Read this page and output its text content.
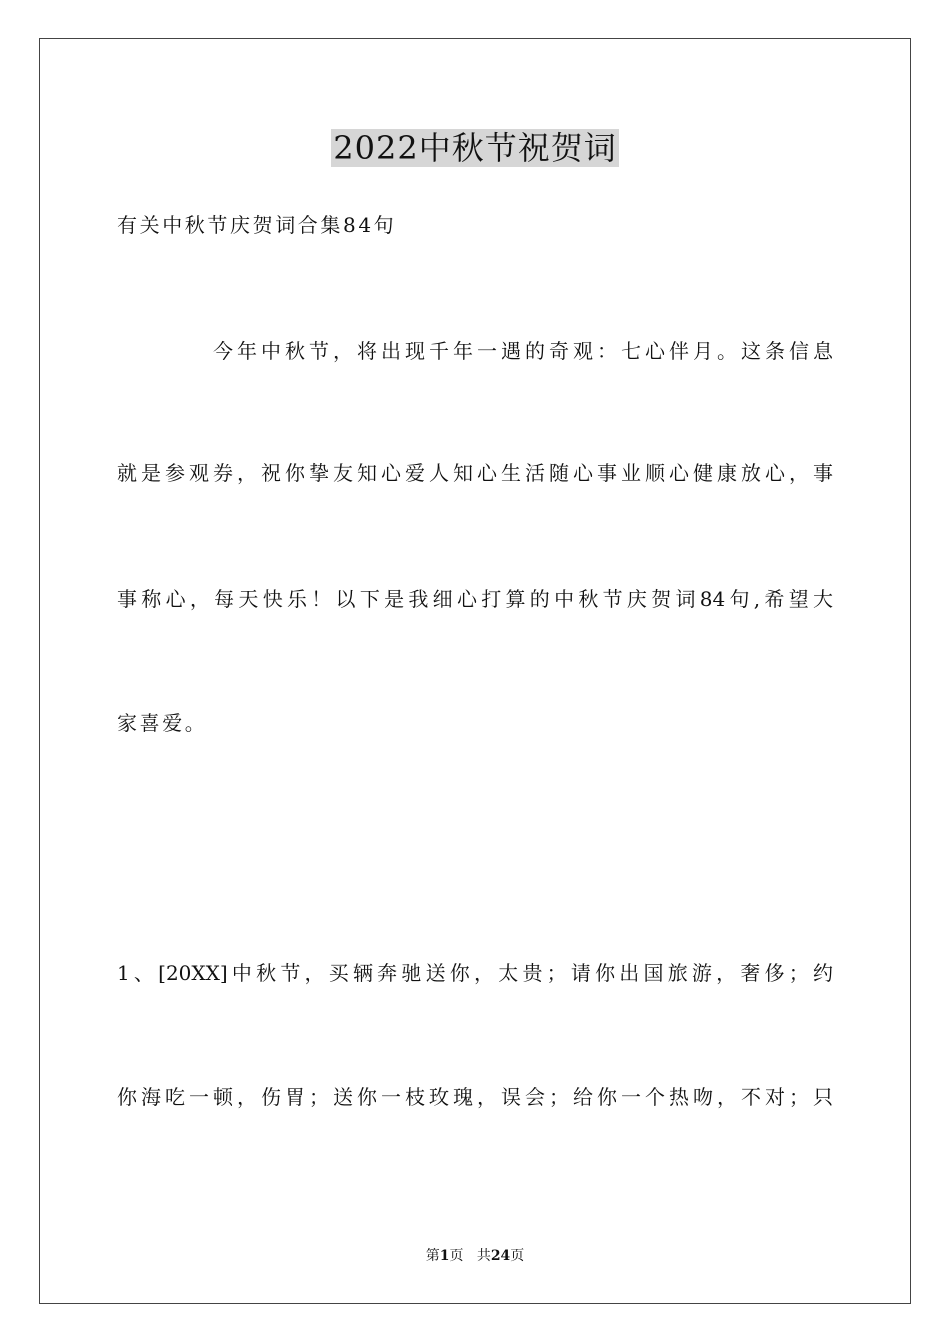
2022中秋节祝贺词
有关中秋节庆贺词合集84句
今年中秋节，将出现千年一遇的奇观：七心伴月。这条信息
就是参观券，祝你挚友知心爱人知心生活随心事业顺心健康放心，事
事称心，每天快乐！以下是我细心打算的中秋节庆贺词84句,希望大
家喜爱。
1、[20XX]中秋节，买辆奔驰送你，太贵；请你出国旅游，奢侈；约
你海吃一顿，伤胃；送你一枝玫瑰，误会；给你一个热吻，不对；只
第1页 共24页
